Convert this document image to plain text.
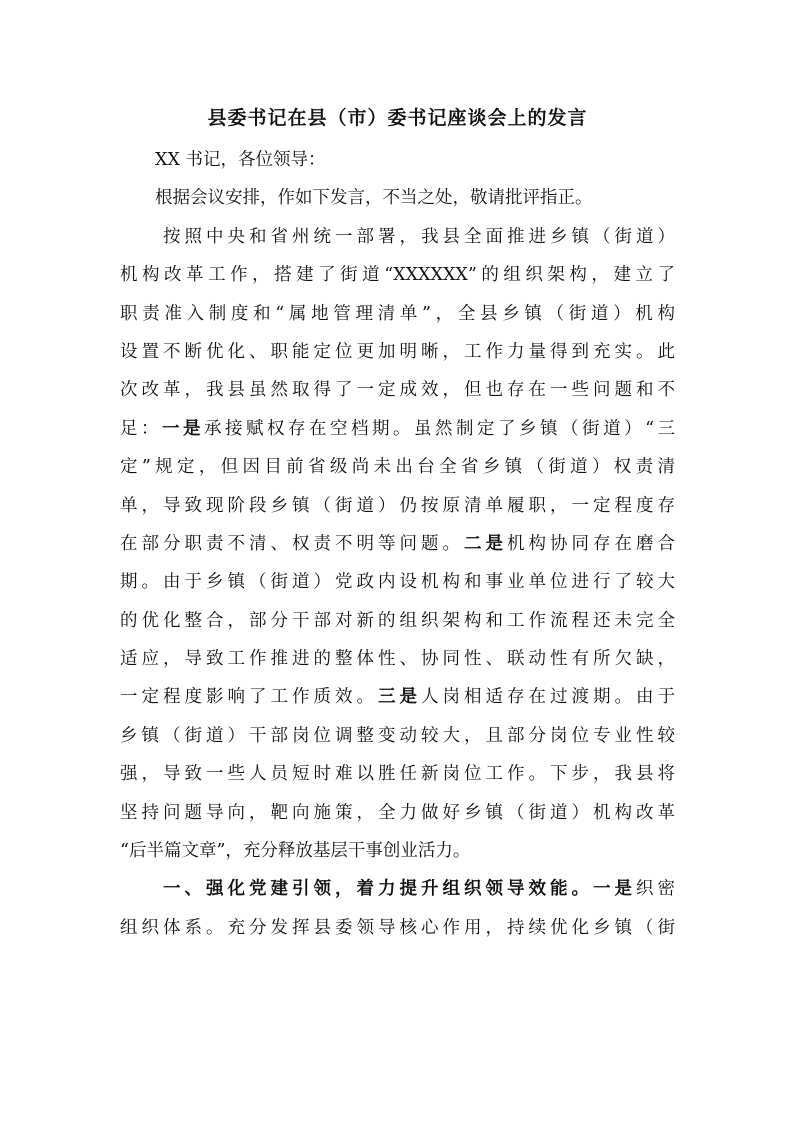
县委书记在县（市）委书记座谈会上的发言
　　XX 书记，各位领导：
　　根据会议安排，作如下发言，不当之处，敬请批评指正。
　　按照中央和省州统一部署，我县全面推进乡镇（街道）
机构改革工作，搭建了街道“XXXXXX”的组织架构，建立了
职责准入制度和“属地管理清单”，全县乡镇（街道）机构
设置不断优化、职能定位更加明晰，工作力量得到充实。此
次改革，我县虽然取得了一定成效，但也存在一些问题和不
足：一是承接赋权存在空档期。虽然制定了乡镇（街道）“三
定”规定，但因目前省级尚未出台全省乡镇（街道）权责清
单，导致现阶段乡镇（街道）仍按原清单履职，一定程度存
在部分职责不清、权责不明等问题。二是机构协同存在磨合
期。由于乡镇（街道）党政内设机构和事业单位进行了较大
的优化整合，部分干部对新的组织架构和工作流程还未完全
适应，导致工作推进的整体性、协同性、联动性有所欠缺，
一定程度影响了工作质效。三是人岗相适存在过渡期。由于
乡镇（街道）干部岗位调整变动较大，且部分岗位专业性较
强，导致一些人员短时难以胜任新岗位工作。下步，我县将
坚持问题导向，靶向施策，全力做好乡镇（街道）机构改革
“后半篇文章”，充分释放基层干事创业活力。
　　一、强化党建引领，着力提升组织领导效能。一是织密
组织体系。充分发挥县委领导核心作用，持续优化乡镇（街
